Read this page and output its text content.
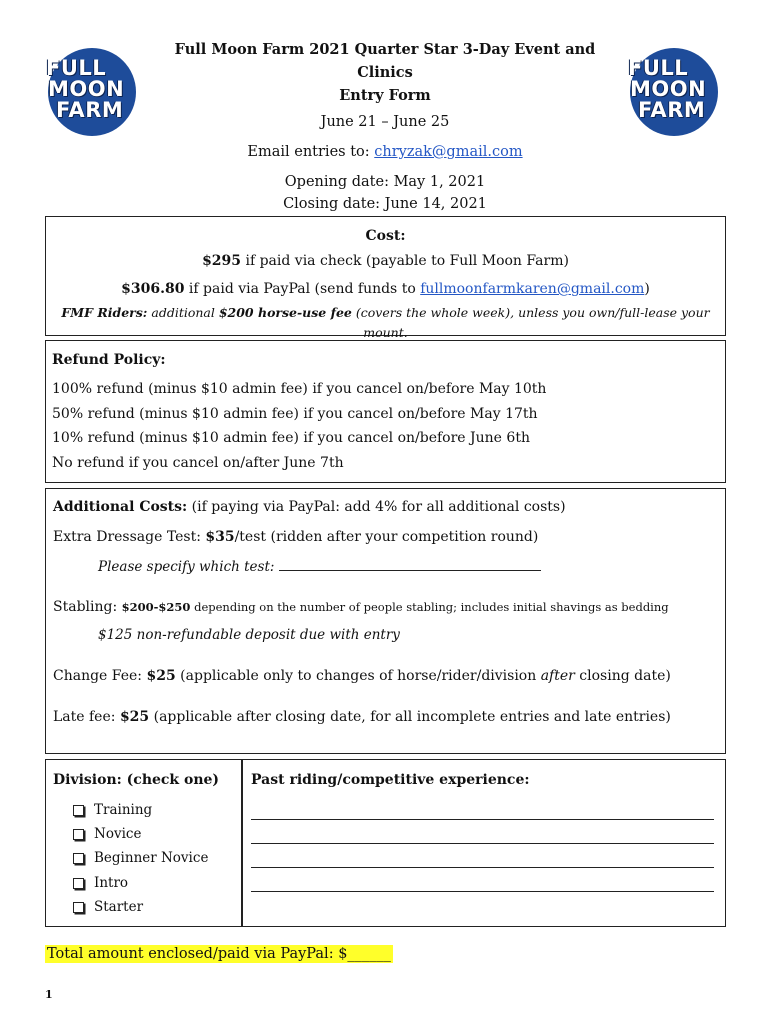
FULL
MOON
FARM
FULL
MOON
FARM
Full Moon Farm 2021 Quarter Star 3-Day Event and Clinics
Entry Form
June 21 – June 25
Email entries to: chryzak@gmail.com
Opening date: May 1, 2021
Closing date: June 14, 2021
Cost:
$295 if paid via check (payable to Full Moon Farm)
$306.80 if paid via PayPal (send funds to fullmoonfarmkaren@gmail.com)
FMF Riders: additional $200 horse-use fee (covers the whole week), unless you own/full-lease your mount.
Refund Policy:
100% refund (minus $10 admin fee) if you cancel on/before May 10th
50% refund (minus $10 admin fee) if you cancel on/before May 17th
10% refund (minus $10 admin fee) if you cancel on/before June 6th
No refund if you cancel on/after June 7th
Additional Costs: (if paying via PayPal: add 4% for all additional costs)
Extra Dressage Test: $35/test (ridden after your competition round)
Please specify which test:
Stabling: $200-$250 depending on the number of people stabling; includes initial shavings as bedding
$125 non-refundable deposit due with entry
Change Fee: $25 (applicable only to changes of horse/rider/division after closing date)
Late fee: $25 (applicable after closing date, for all incomplete entries and late entries)
Division: (check one)
Training
Novice
Beginner Novice
Intro
Starter
Past riding/competitive experience:
Total amount enclosed/paid via PayPal: $______
1
